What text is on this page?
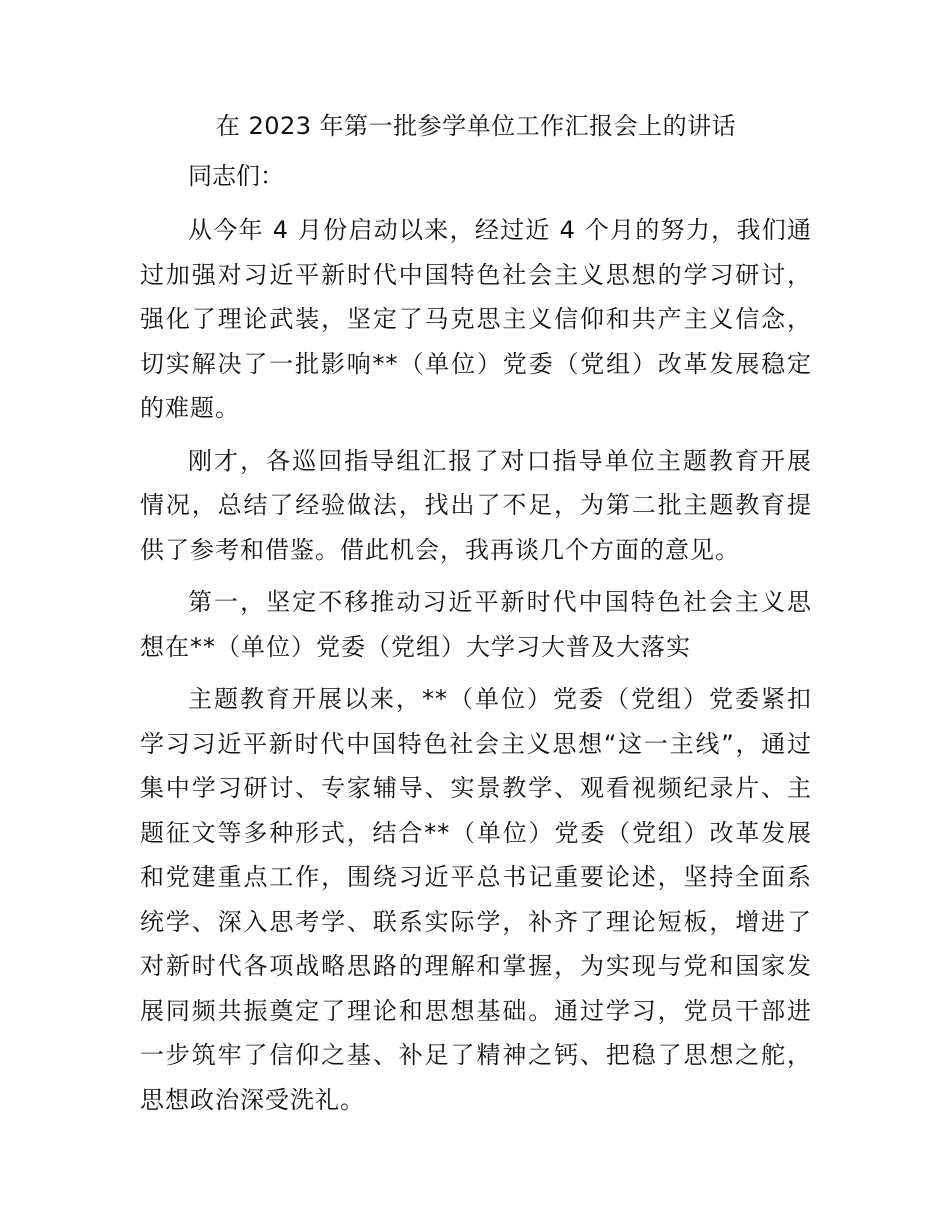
在 2023 年第一批参学单位工作汇报会上的讲话

同志们：

从今年 4 月份启动以来，经过近 4 个月的努力，我们通过加强对习近平新时代中国特色社会主义思想的学习研讨，强化了理论武装，坚定了马克思主义信仰和共产主义信念，切实解决了一批影响**（单位）党委（党组）改革发展稳定的难题。

刚才，各巡回指导组汇报了对口指导单位主题教育开展情况，总结了经验做法，找出了不足，为第二批主题教育提供了参考和借鉴。借此机会，我再谈几个方面的意见。

第一，坚定不移推动习近平新时代中国特色社会主义思想在**（单位）党委（党组）大学习大普及大落实

主题教育开展以来，**（单位）党委（党组）党委紧扣学习习近平新时代中国特色社会主义思想“这一主线”，通过集中学习研讨、专家辅导、实景教学、观看视频纪录片、主题征文等多种形式，结合**（单位）党委（党组）改革发展和党建重点工作，围绕习近平总书记重要论述，坚持全面系统学、深入思考学、联系实际学，补齐了理论短板，增进了对新时代各项战略思路的理解和掌握，为实现与党和国家发展同频共振奠定了理论和思想基础。通过学习，党员干部进一步筑牢了信仰之基、补足了精神之钙、把稳了思想之舵，思想政治深受洗礼。
